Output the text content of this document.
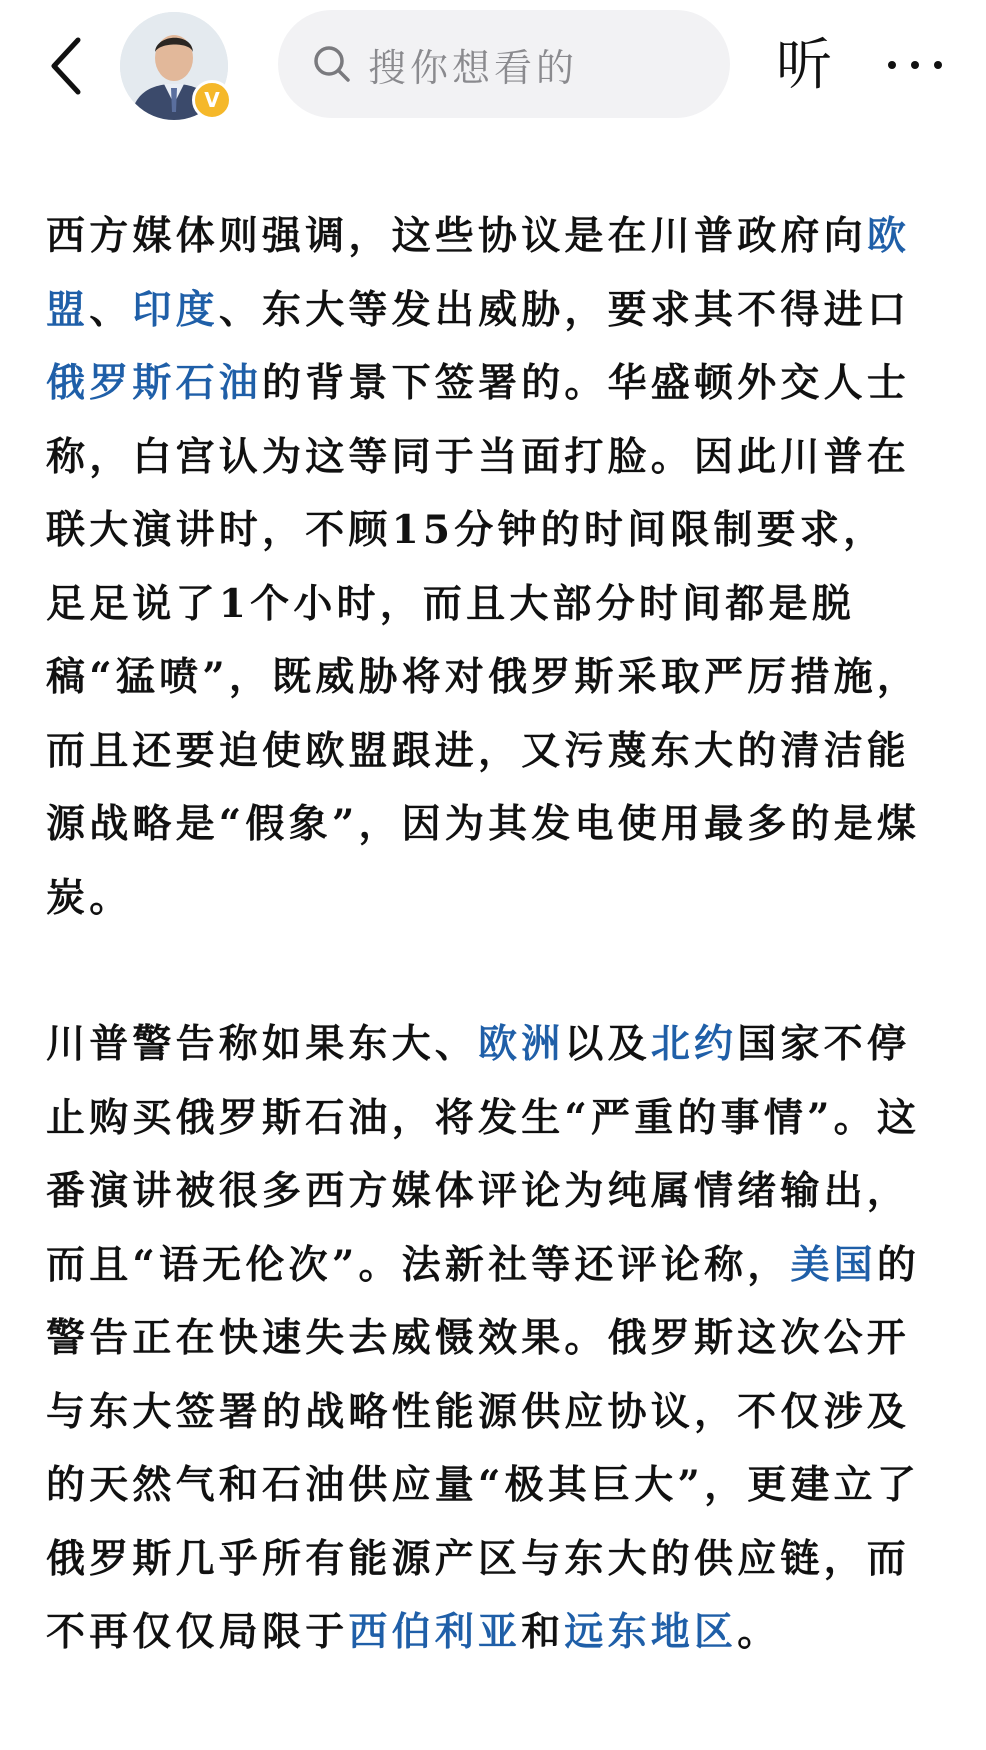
V
搜你想看的	听

西方媒体则强调，这些协议是在川普政府向欧盟、印度、东大等发出威胁，要求其不得进口俄罗斯石油的背景下签署的。华盛顿外交人士称，白宫认为这等同于当面打脸。因此川普在联大演讲时，不顾15分钟的时间限制要求，足足说了1个小时，而且大部分时间都是脱稿“猛喷”，既威胁将对俄罗斯采取严厉措施，而且还要迫使欧盟跟进，又污蔑东大的清洁能源战略是“假象”，因为其发电使用最多的是煤炭。

川普警告称如果东大、欧洲以及北约国家不停止购买俄罗斯石油，将发生“严重的事情”。这番演讲被很多西方媒体评论为纯属情绪输出，而且“语无伦次”。法新社等还评论称，美国的警告正在快速失去威慑效果。俄罗斯这次公开与东大签署的战略性能源供应协议，不仅涉及的天然气和石油供应量“极其巨大”，更建立了俄罗斯几乎所有能源产区与东大的供应链，而不再仅仅局限于西伯利亚和远东地区。
